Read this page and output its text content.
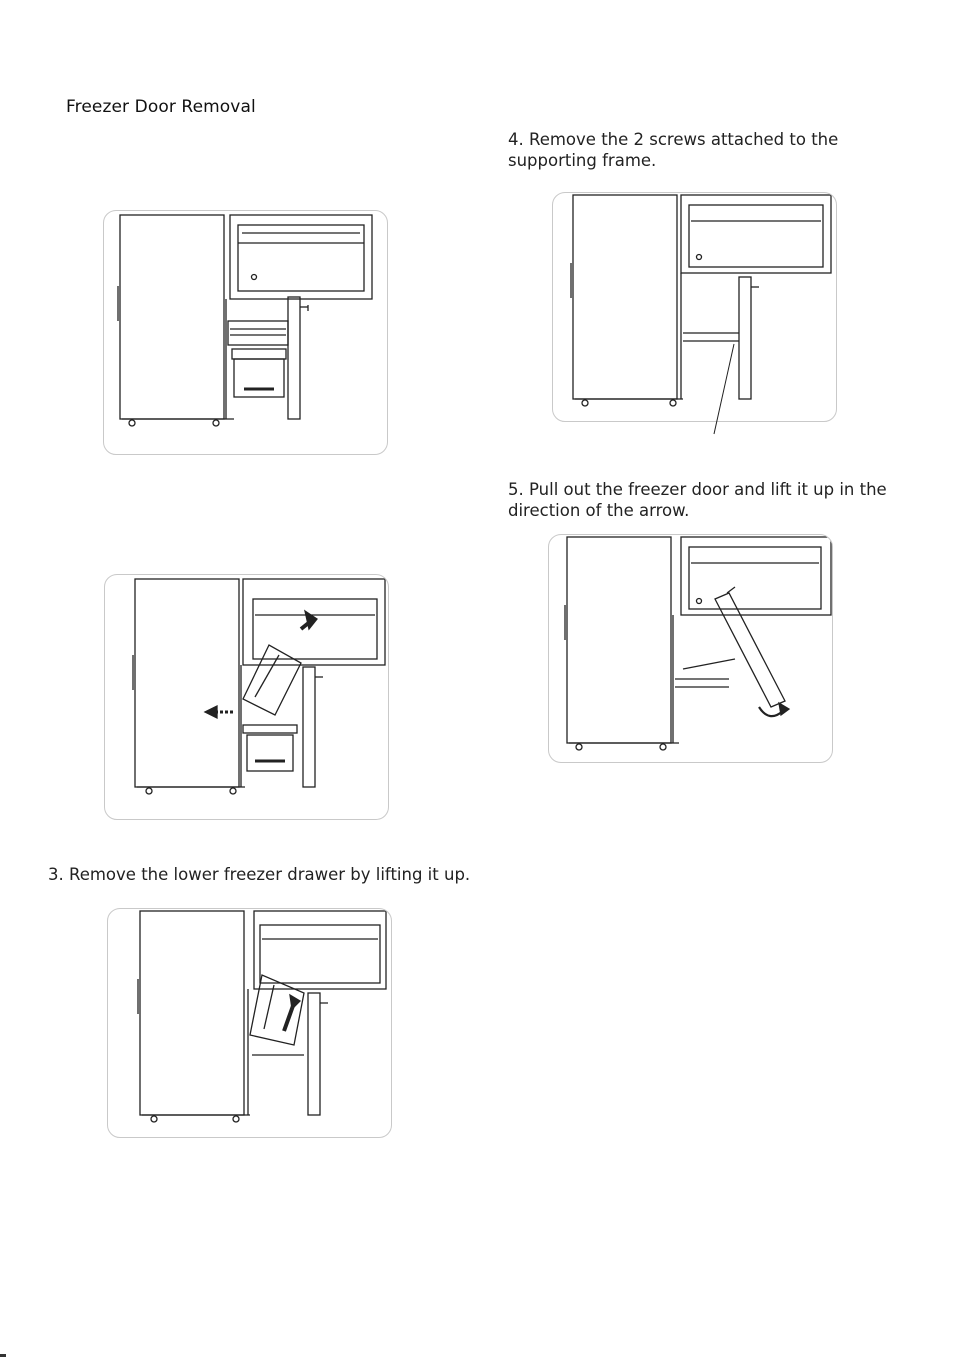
Freezer Door Removal
4. Remove the 2 screws attached to the supporting frame.
5. Pull out the freezer door and lift it up in the direction of the arrow.
3. Remove the lower freezer drawer by lifting it up.
